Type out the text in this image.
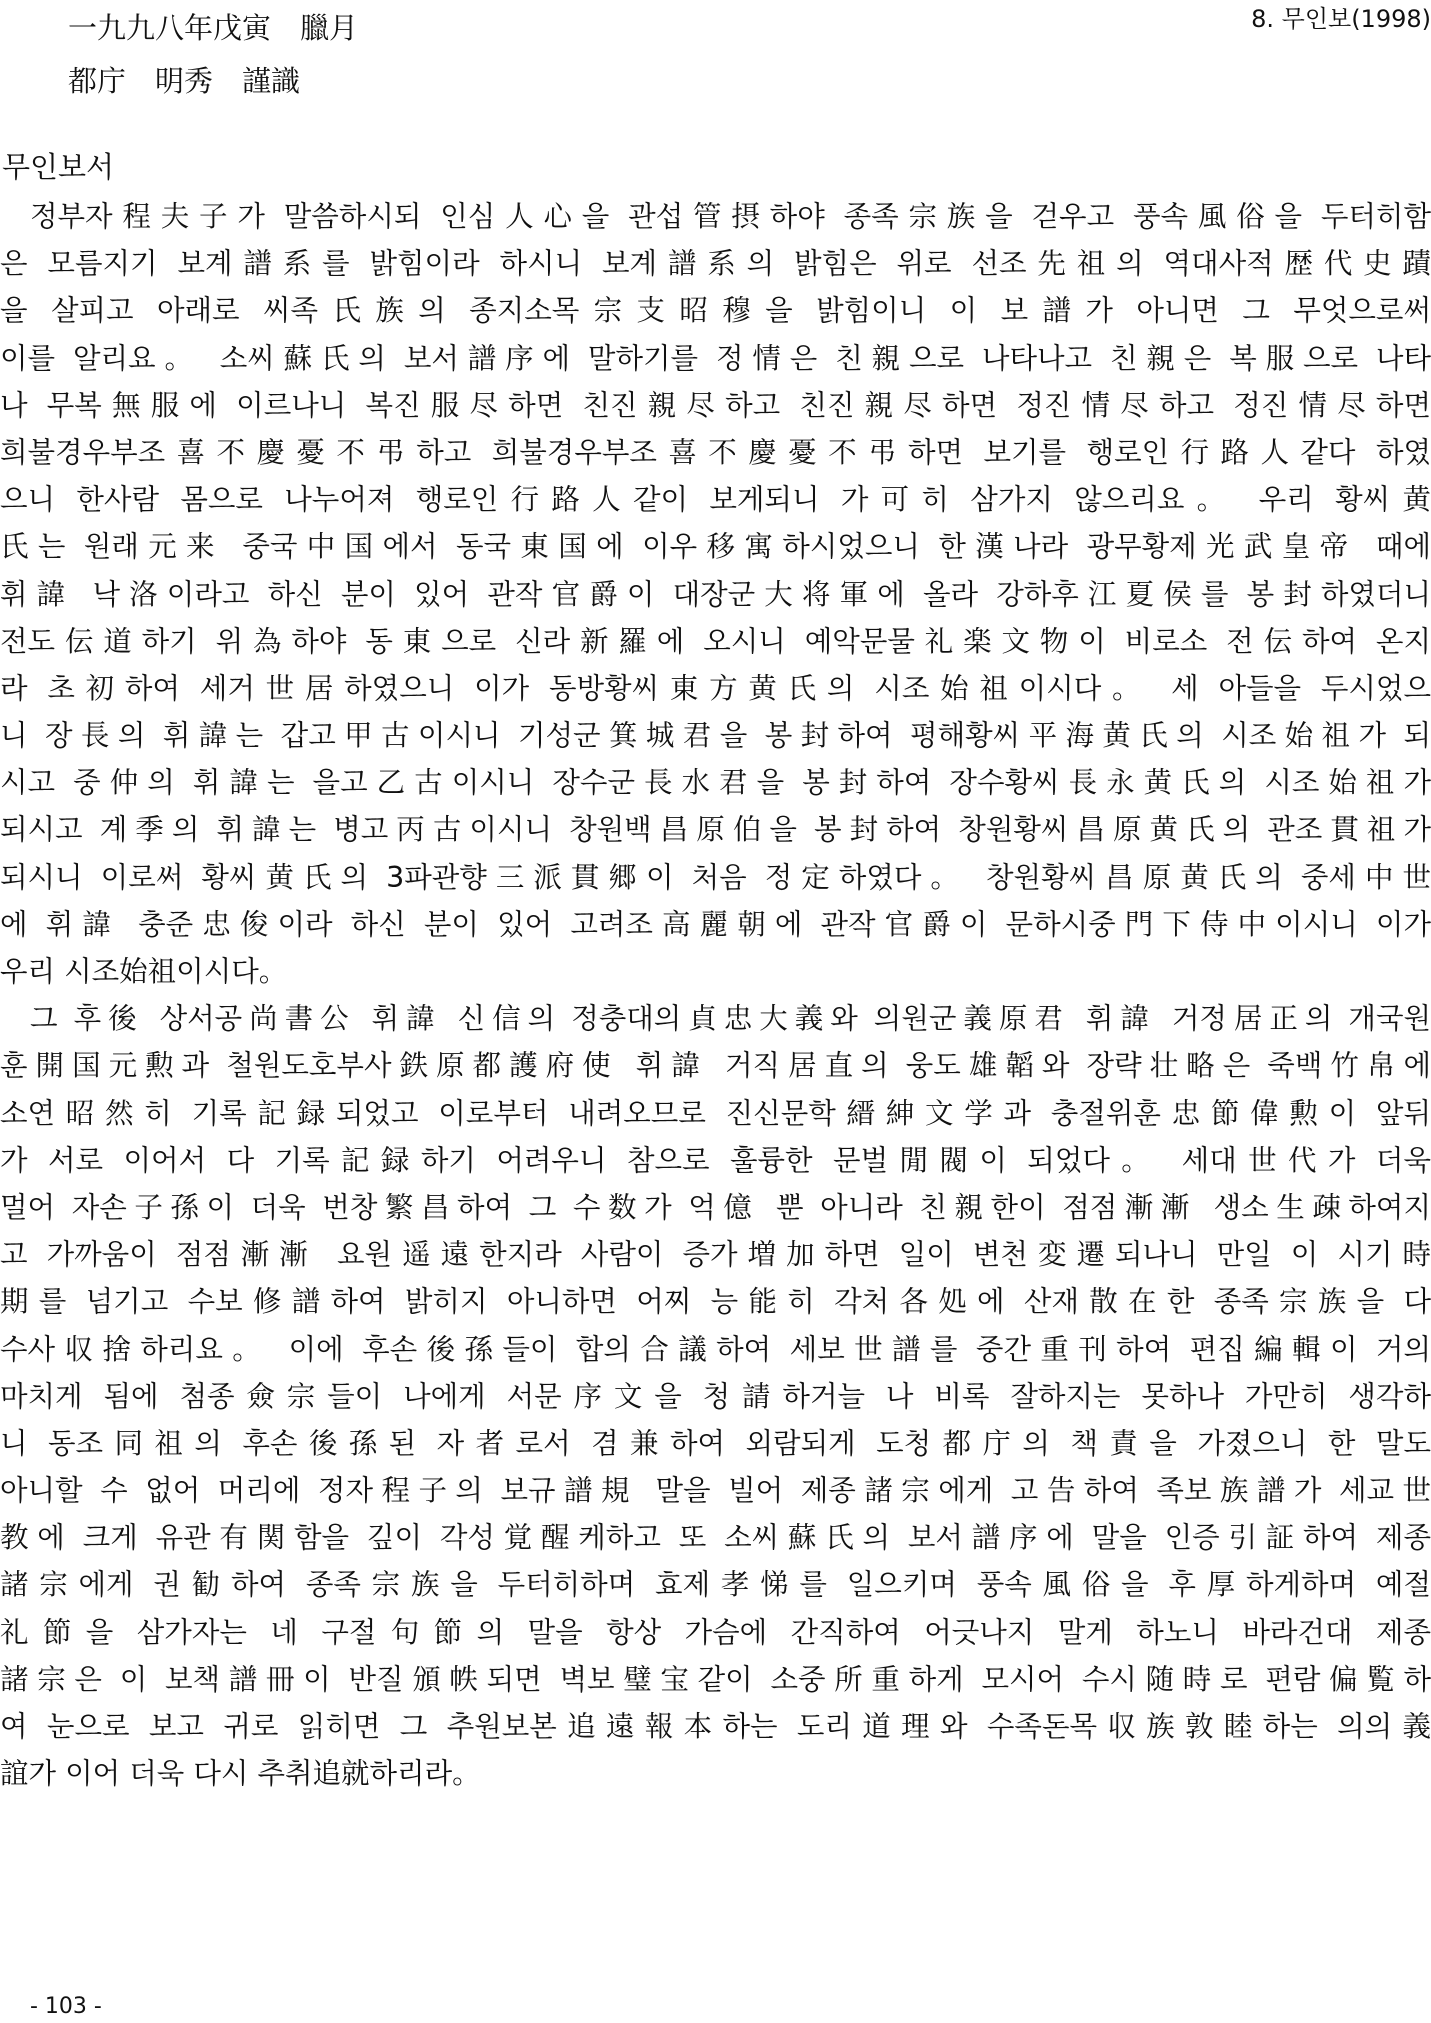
一九九八年戊寅　臘月
都庁　明秀　謹識
8. 무인보(1998)
무인보서
정부자程夫子가 말씀하시되 인심人心을 관섭管摂하야 종족宗族을 걷우고 풍속風俗을 두터히함
은 모름지기 보계譜系를 밝힘이라 하시니 보계譜系의 밝힘은 위로 선조先祖의 역대사적歴代史蹟
을 살피고 아래로 씨족氏族의 종지소목宗支昭穆을 밝힘이니 이 보譜가 아니면 그 무엇으로써
이를 알리요。 소씨蘇氏의 보서譜序에 말하기를 정情은 친親으로 나타나고 친親은 복服으로 나타
나 무복無服에 이르나니 복진服尽하면 친진親尽하고 친진親尽하면 정진情尽하고 정진情尽하면
희불경우부조喜不慶憂不弔하고 희불경우부조喜不慶憂不弔하면 보기를 행로인行路人같다 하였
으니 한사람 몸으로 나누어져 행로인行路人같이 보게되니 가可히 삼가지 않으리요。 우리 황씨黄
氏는 원래元来 중국中国에서 동국東国에 이우移寓하시었으니 한漢나라 광무황제光武皇帝 때에
휘諱 낙洛이라고 하신 분이 있어 관작官爵이 대장군大将軍에 올라 강하후江夏侯를 봉封하였더니
전도伝道하기 위為하야 동東으로 신라新羅에 오시니 예악문물礼楽文物이 비로소 전伝하여 온지
라 초初하여 세거世居하였으니 이가 동방황씨東方黄氏의 시조始祖이시다。 세 아들을 두시었으
니 장長의 휘諱는 갑고甲古이시니 기성군箕城君을 봉封하여 평해황씨平海黄氏의 시조始祖가 되
시고 중仲의 휘諱는 을고乙古이시니 장수군長水君을 봉封하여 장수황씨長永黄氏의 시조始祖가
되시고 계季의 휘諱는 병고丙古이시니 창원백昌原伯을 봉封하여 창원황씨昌原黄氏의 관조貫祖가
되시니 이로써 황씨黄氏의 3파관향三派貫郷이 처음 정定하였다。 창원황씨昌原黄氏의 중세中世
에 휘諱 충준忠俊이라 하신 분이 있어 고려조高麗朝에 관작官爵이 문하시중門下侍中이시니 이가
우리 시조始祖이시다。
그 후後 상서공尚書公 휘諱 신信의 정충대의貞忠大義와 의원군義原君 휘諱 거정居正의 개국원
훈開国元勲과 철원도호부사鉄原都護府使 휘諱 거직居直의 웅도雄韜와 장략壮略은 죽백竹帛에
소연昭然히 기록記録되었고 이로부터 내려오므로 진신문학縉紳文学과 충절위훈忠節偉勲이 앞뒤
가 서로 이어서 다 기록記録하기 어려우니 참으로 훌륭한 문벌閒閥이 되었다。 세대世代가 더욱
멀어 자손子孫이 더욱 번창繁昌하여 그 수数가 억億 뿐 아니라 친親한이 점점漸漸 생소生疎하여지
고 가까움이 점점漸漸 요원遥遠한지라 사람이 증가増加하면 일이 변천変遷되나니 만일 이 시기時
期를 넘기고 수보修譜하여 밝히지 아니하면 어찌 능能히 각처各処에 산재散在한 종족宗族을 다
수사収捨하리요。 이에 후손後孫들이 합의合議하여 세보世譜를 중간重刊하여 편집編輯이 거의
마치게 됨에 첨종僉宗들이 나에게 서문序文을 청請하거늘 나 비록 잘하지는 못하나 가만히 생각하
니 동조同祖의 후손後孫된 자者로서 겸兼하여 외람되게 도청都庁의 책責을 가졌으니 한 말도
아니할 수 없어 머리에 정자程子의 보규譜規 말을 빌어 제종諸宗에게 고告하여 족보族譜가 세교世
教에 크게 유관有関함을 깊이 각성覚醒케하고 또 소씨蘇氏의 보서譜序에 말을 인증引証하여 제종
諸宗에게 권勧하여 종족宗族을 두터히하며 효제孝悌를 일으키며 풍속風俗을 후厚하게하며 예절
礼節을 삼가자는 네 구절句節의 말을 항상 가슴에 간직하여 어긋나지 말게 하노니 바라건대 제종
諸宗은 이 보책譜冊이 반질頒帙되면 벽보璧宝같이 소중所重하게 모시어 수시随時로 편람偏覧하
여 눈으로 보고 귀로 읽히면 그 추원보본追遠報本하는 도리道理와 수족돈목収族敦睦하는 의의義
誼가 이어 더욱 다시 추취追就하리라。
- 103 -
